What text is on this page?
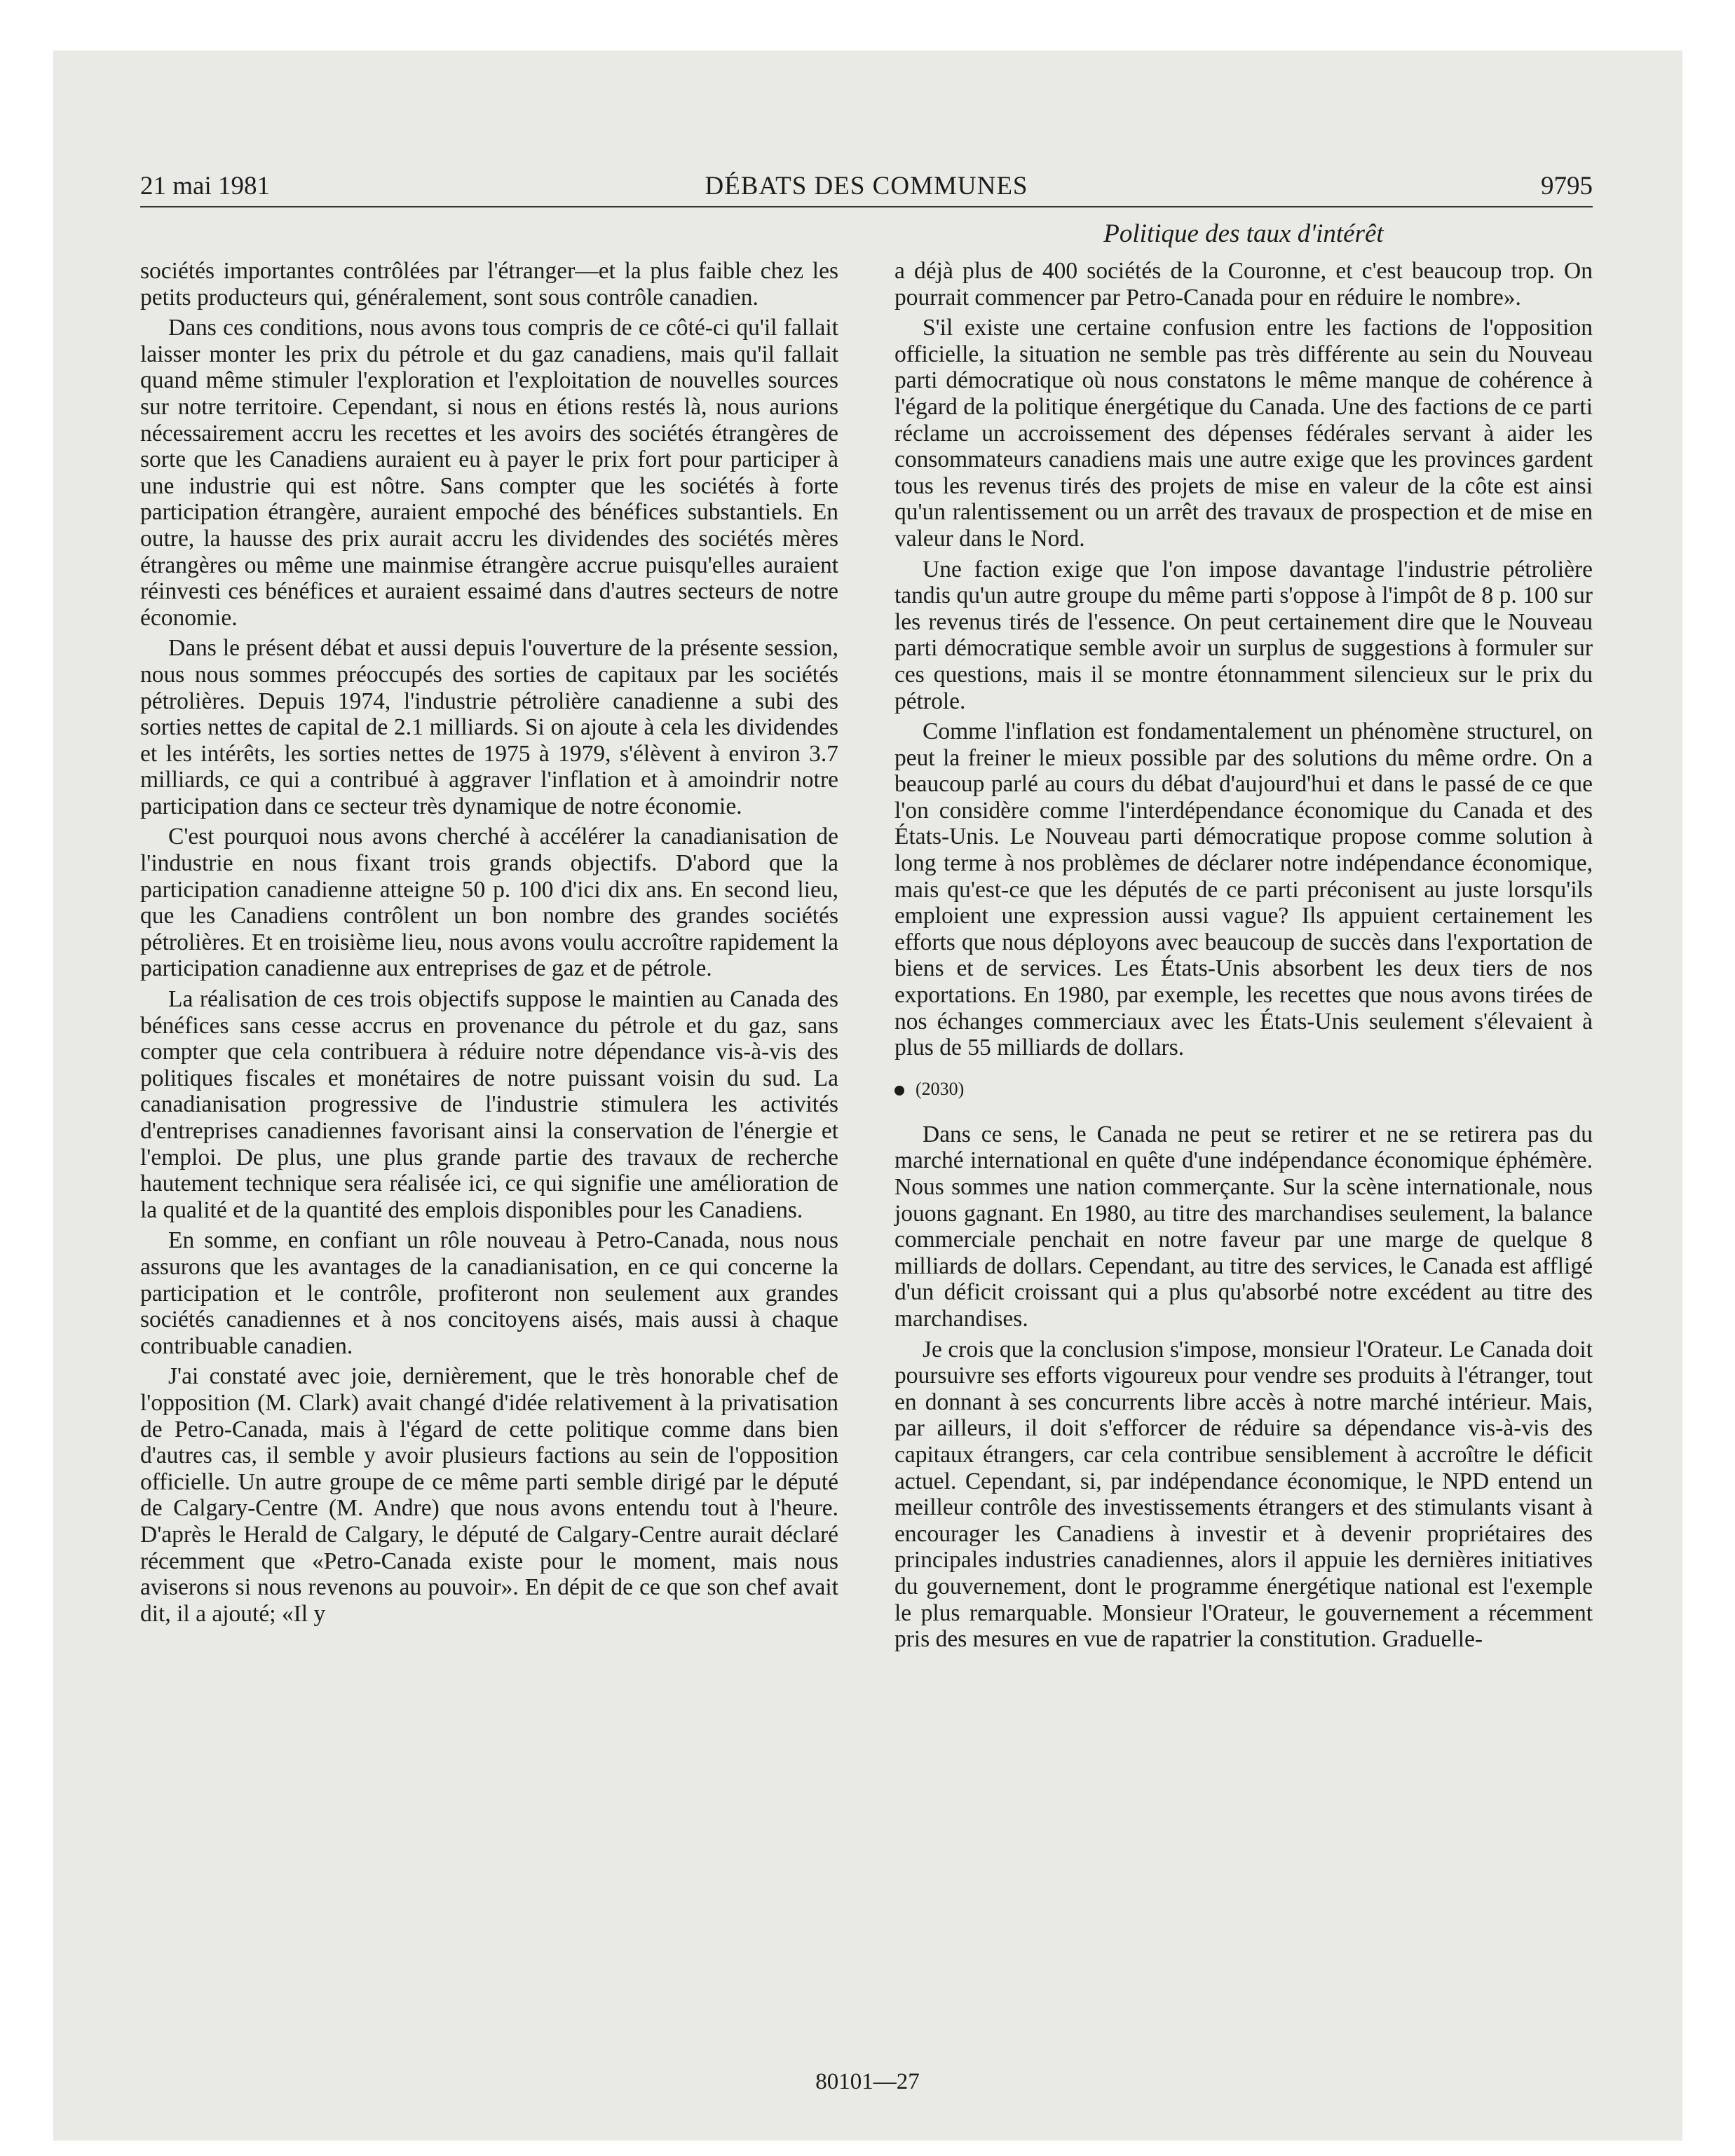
21 mai 1981	DÉBATS DES COMMUNES	9795
Politique des taux d'intérêt

sociétés importantes contrôlées par l'étranger—et la plus faible chez les petits producteurs qui, généralement, sont sous contrôle canadien.

Dans ces conditions, nous avons tous compris de ce côté-ci qu'il fallait laisser monter les prix du pétrole et du gaz canadiens, mais qu'il fallait quand même stimuler l'exploration et l'exploitation de nouvelles sources sur notre territoire. Cependant, si nous en étions restés là, nous aurions nécessairement accru les recettes et les avoirs des sociétés étrangères de sorte que les Canadiens auraient eu à payer le prix fort pour participer à une industrie qui est nôtre. Sans compter que les sociétés à forte participation étrangère, auraient empoché des bénéfices substantiels. En outre, la hausse des prix aurait accru les dividendes des sociétés mères étrangères ou même une mainmise étrangère accrue puisqu'elles auraient réinvesti ces bénéfices et auraient essaimé dans d'autres secteurs de notre économie.

Dans le présent débat et aussi depuis l'ouverture de la présente session, nous nous sommes préoccupés des sorties de capitaux par les sociétés pétrolières. Depuis 1974, l'industrie pétrolière canadienne a subi des sorties nettes de capital de 2.1 milliards. Si on ajoute à cela les dividendes et les intérêts, les sorties nettes de 1975 à 1979, s'élèvent à environ 3.7 milliards, ce qui a contribué à aggraver l'inflation et à amoindrir notre participation dans ce secteur très dynamique de notre économie.

C'est pourquoi nous avons cherché à accélérer la canadianisation de l'industrie en nous fixant trois grands objectifs. D'abord que la participation canadienne atteigne 50 p. 100 d'ici dix ans. En second lieu, que les Canadiens contrôlent un bon nombre des grandes sociétés pétrolières. Et en troisième lieu, nous avons voulu accroître rapidement la participation canadienne aux entreprises de gaz et de pétrole.

La réalisation de ces trois objectifs suppose le maintien au Canada des bénéfices sans cesse accrus en provenance du pétrole et du gaz, sans compter que cela contribuera à réduire notre dépendance vis-à-vis des politiques fiscales et monétaires de notre puissant voisin du sud. La canadianisation progressive de l'industrie stimulera les activités d'entreprises canadiennes favorisant ainsi la conservation de l'énergie et l'emploi. De plus, une plus grande partie des travaux de recherche hautement technique sera réalisée ici, ce qui signifie une amélioration de la qualité et de la quantité des emplois disponibles pour les Canadiens.

En somme, en confiant un rôle nouveau à Petro-Canada, nous nous assurons que les avantages de la canadianisation, en ce qui concerne la participation et le contrôle, profiteront non seulement aux grandes sociétés canadiennes et à nos concitoyens aisés, mais aussi à chaque contribuable canadien.

J'ai constaté avec joie, dernièrement, que le très honorable chef de l'opposition (M. Clark) avait changé d'idée relativement à la privatisation de Petro-Canada, mais à l'égard de cette politique comme dans bien d'autres cas, il semble y avoir plusieurs factions au sein de l'opposition officielle. Un autre groupe de ce même parti semble dirigé par le député de Calgary-Centre (M. Andre) que nous avons entendu tout à l'heure. D'après le Herald de Calgary, le député de Calgary-Centre aurait déclaré récemment que «Petro-Canada existe pour le moment, mais nous aviserons si nous revenons au pouvoir». En dépit de ce que son chef avait dit, il a ajouté; «Il y

a déjà plus de 400 sociétés de la Couronne, et c'est beaucoup trop. On pourrait commencer par Petro-Canada pour en réduire le nombre».

S'il existe une certaine confusion entre les factions de l'opposition officielle, la situation ne semble pas très différente au sein du Nouveau parti démocratique où nous constatons le même manque de cohérence à l'égard de la politique énergétique du Canada. Une des factions de ce parti réclame un accroissement des dépenses fédérales servant à aider les consommateurs canadiens mais une autre exige que les provinces gardent tous les revenus tirés des projets de mise en valeur de la côte est ainsi qu'un ralentissement ou un arrêt des travaux de prospection et de mise en valeur dans le Nord.

Une faction exige que l'on impose davantage l'industrie pétrolière tandis qu'un autre groupe du même parti s'oppose à l'impôt de 8 p. 100 sur les revenus tirés de l'essence. On peut certainement dire que le Nouveau parti démocratique semble avoir un surplus de suggestions à formuler sur ces questions, mais il se montre étonnamment silencieux sur le prix du pétrole.

Comme l'inflation est fondamentalement un phénomène structurel, on peut la freiner le mieux possible par des solutions du même ordre. On a beaucoup parlé au cours du débat d'aujourd'hui et dans le passé de ce que l'on considère comme l'interdépendance économique du Canada et des États-Unis. Le Nouveau parti démocratique propose comme solution à long terme à nos problèmes de déclarer notre indépendance économique, mais qu'est-ce que les députés de ce parti préconisent au juste lorsqu'ils emploient une expression aussi vague? Ils appuient certainement les efforts que nous déployons avec beaucoup de succès dans l'exportation de biens et de services. Les États-Unis absorbent les deux tiers de nos exportations. En 1980, par exemple, les recettes que nous avons tirées de nos échanges commerciaux avec les États-Unis seulement s'élevaient à plus de 55 milliards de dollars.

(2030)

Dans ce sens, le Canada ne peut se retirer et ne se retirera pas du marché international en quête d'une indépendance économique éphémère. Nous sommes une nation commerçante. Sur la scène internationale, nous jouons gagnant. En 1980, au titre des marchandises seulement, la balance commerciale penchait en notre faveur par une marge de quelque 8 milliards de dollars. Cependant, au titre des services, le Canada est affligé d'un déficit croissant qui a plus qu'absorbé notre excédent au titre des marchandises.

Je crois que la conclusion s'impose, monsieur l'Orateur. Le Canada doit poursuivre ses efforts vigoureux pour vendre ses produits à l'étranger, tout en donnant à ses concurrents libre accès à notre marché intérieur. Mais, par ailleurs, il doit s'efforcer de réduire sa dépendance vis-à-vis des capitaux étrangers, car cela contribue sensiblement à accroître le déficit actuel. Cependant, si, par indépendance économique, le NPD entend un meilleur contrôle des investissements étrangers et des stimulants visant à encourager les Canadiens à investir et à devenir propriétaires des principales industries canadiennes, alors il appuie les dernières initiatives du gouvernement, dont le programme énergétique national est l'exemple le plus remarquable. Monsieur l'Orateur, le gouvernement a récemment pris des mesures en vue de rapatrier la constitution. Graduelle-

80101—27
